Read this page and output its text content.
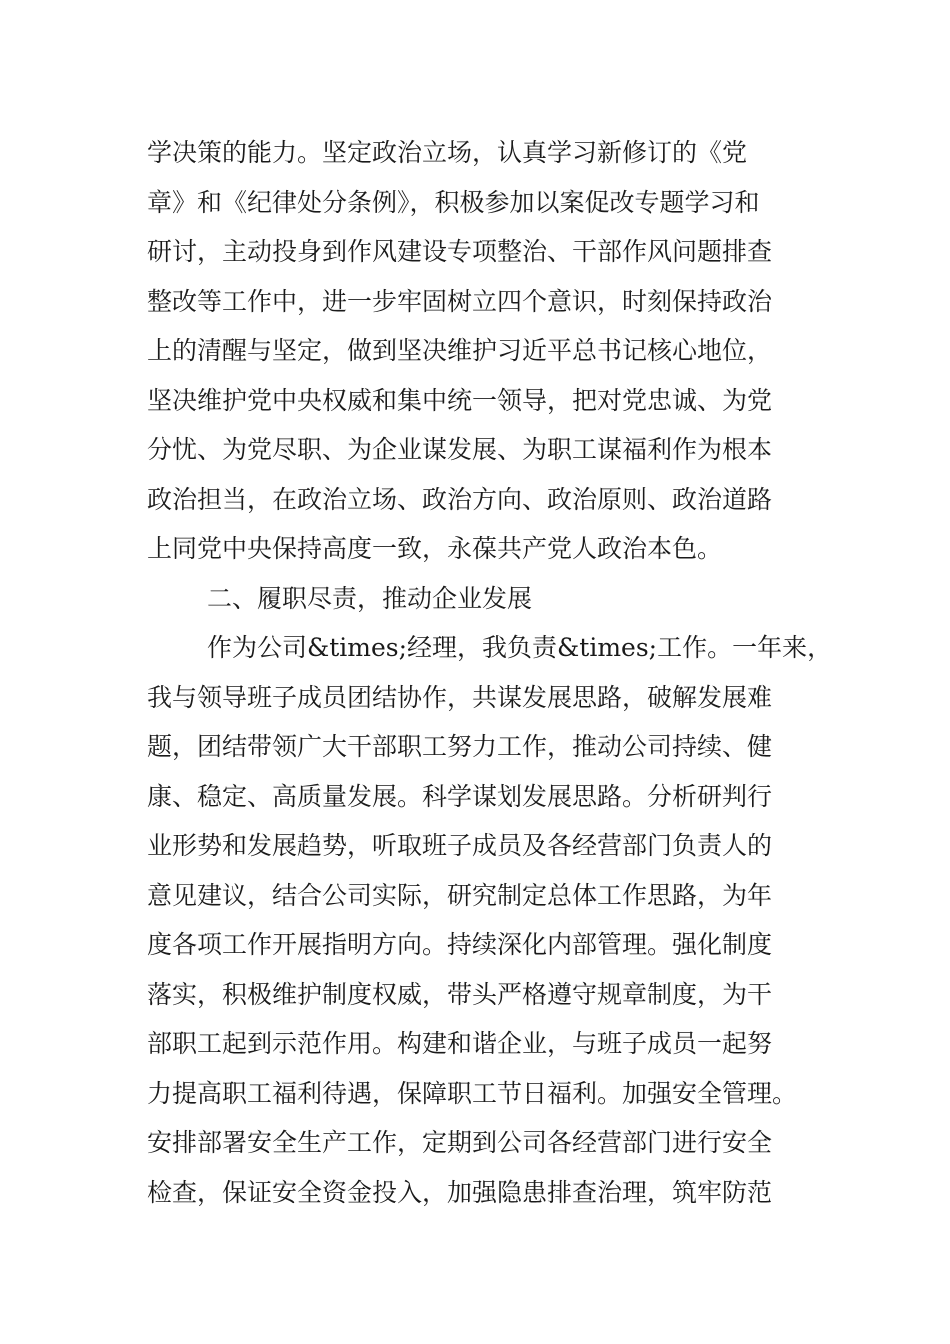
学决策的能力。坚定政治立场，认真学习新修订的《党
章》和《纪律处分条例》，积极参加以案促改专题学习和
研讨，主动投身到作风建设专项整治、干部作风问题排查
整改等工作中，进一步牢固树立四个意识，时刻保持政治
上的清醒与坚定，做到坚决维护习近平总书记核心地位，
坚决维护党中央权威和集中统一领导，把对党忠诚、为党
分忧、为党尽职、为企业谋发展、为职工谋福利作为根本
政治担当，在政治立场、政治方向、政治原则、政治道路
上同党中央保持高度一致，永葆共产党人政治本色。
二、履职尽责，推动企业发展
作为公司&times;经理，我负责&times;工作。一年来，
我与领导班子成员团结协作，共谋发展思路，破解发展难
题，团结带领广大干部职工努力工作，推动公司持续、健
康、稳定、高质量发展。科学谋划发展思路。分析研判行
业形势和发展趋势，听取班子成员及各经营部门负责人的
意见建议，结合公司实际，研究制定总体工作思路，为年
度各项工作开展指明方向。持续深化内部管理。强化制度
落实，积极维护制度权威，带头严格遵守规章制度，为干
部职工起到示范作用。构建和谐企业，与班子成员一起努
力提高职工福利待遇，保障职工节日福利。加强安全管理。
安排部署安全生产工作，定期到公司各经营部门进行安全
检查，保证安全资金投入，加强隐患排查治理，筑牢防范
